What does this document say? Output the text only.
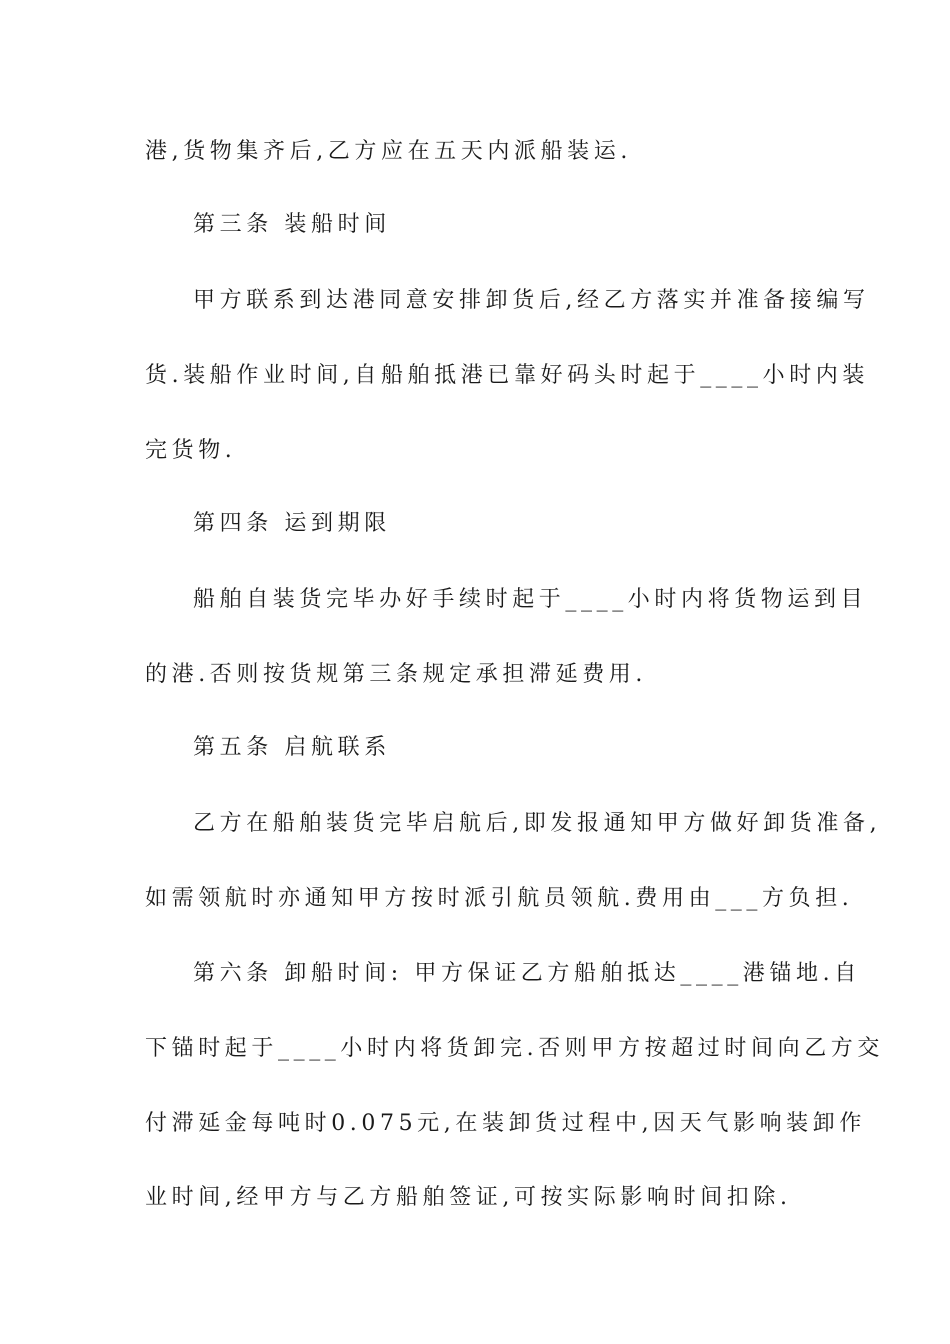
港,货物集齐后,乙方应在五天内派船装运.
第三条 装船时间
甲方联系到达港同意安排卸货后,经乙方落实并准备接编写
货.装船作业时间,自船舶抵港已靠好码头时起于____小时内装
完货物.
第四条 运到期限
船舶自装货完毕办好手续时起于____小时内将货物运到目
的港.否则按货规第三条规定承担滞延费用.
第五条 启航联系
乙方在船舶装货完毕启航后,即发报通知甲方做好卸货准备,
如需领航时亦通知甲方按时派引航员领航.费用由___方负担.
第六条 卸船时间: 甲方保证乙方船舶抵达____港锚地.自
下锚时起于____小时内将货卸完.否则甲方按超过时间向乙方交
付滞延金每吨时0.075元,在装卸货过程中,因天气影响装卸作
业时间,经甲方与乙方船舶签证,可按实际影响时间扣除.
